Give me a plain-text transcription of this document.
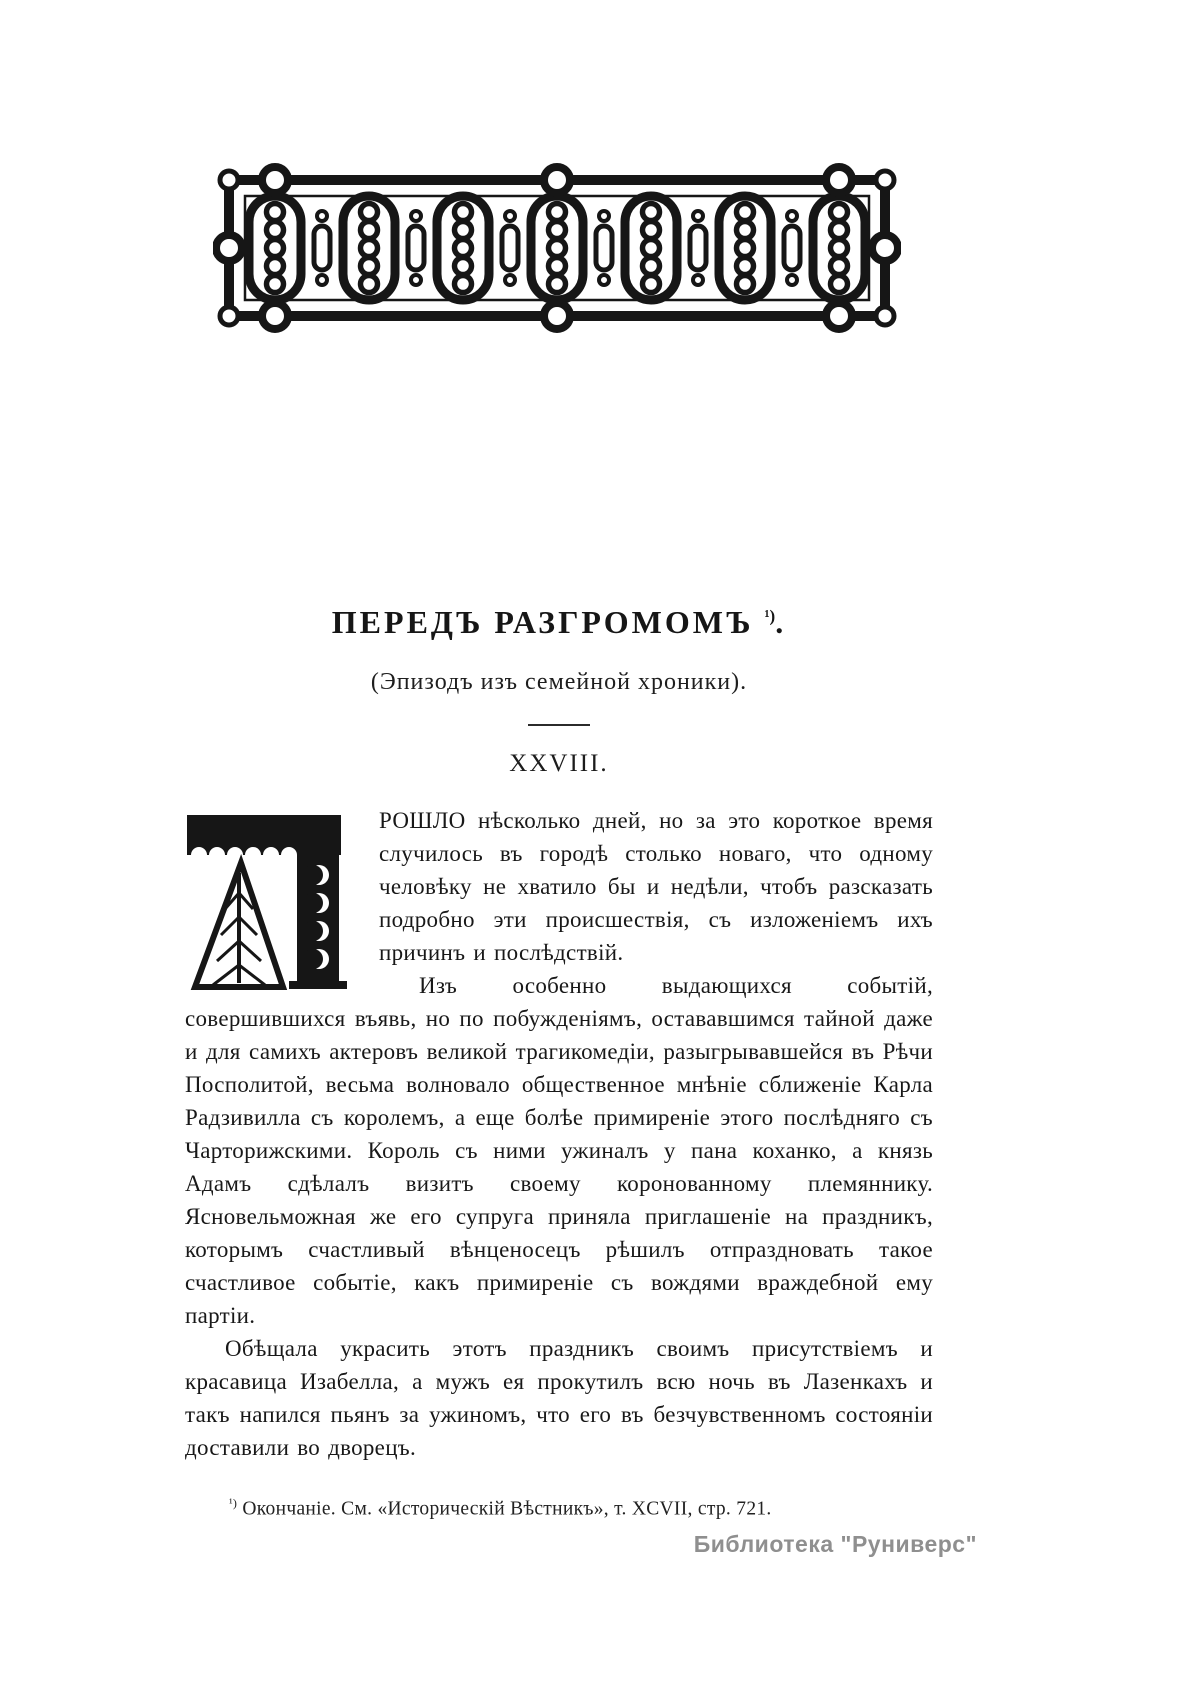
ПЕРЕДЪ РАЗГРОМОМЪ $^{^1)}$.
(Эпизодъ изъ семейной хроники).
XXVIII.

РОШЛО нѣсколько дней, но за это короткое время случилось въ городѣ столько новаго, что одному человѣку не хватило бы и недѣли, чтобъ разсказать подробно эти происшествія, съ изложеніемъ ихъ причинъ и послѣдствій.

Изъ особенно выдающихся событій, совершившихся въявь, но по побужденіямъ, остававшимся тайной даже и для самихъ актеровъ великой трагикомедіи, разыгрывавшейся въ Рѣчи Посполитой, весьма волновало общественное мнѣніе сближеніе Карла Радзивилла съ королемъ, а еще болѣе примиреніе этого послѣдняго съ Чарторижскими. Король съ ними ужиналъ у пана коханко, а князь Адамъ сдѣлалъ визитъ своему коронованному племяннику. Ясновельможная же его супруга приняла приглашеніе на праздникъ, которымъ счастливый вѣнценосецъ рѣшилъ отпраздновать такое счастливое событіе, какъ примиреніе съ вождями враждебной ему партіи.

Обѣщала украсить этотъ праздникъ своимъ присутствіемъ и красавица Изабелла, а мужъ ея прокутилъ всю ночь въ Лазенкахъ и такъ напился пьянъ за ужиномъ, что его въ безчувственномъ состояніи доставили во дворецъ.

$^{^1)}$ Окончаніе. См. «Историческій Вѣстникъ», т. XCVII, стр. 721.

Библиотека "Руниверс"
